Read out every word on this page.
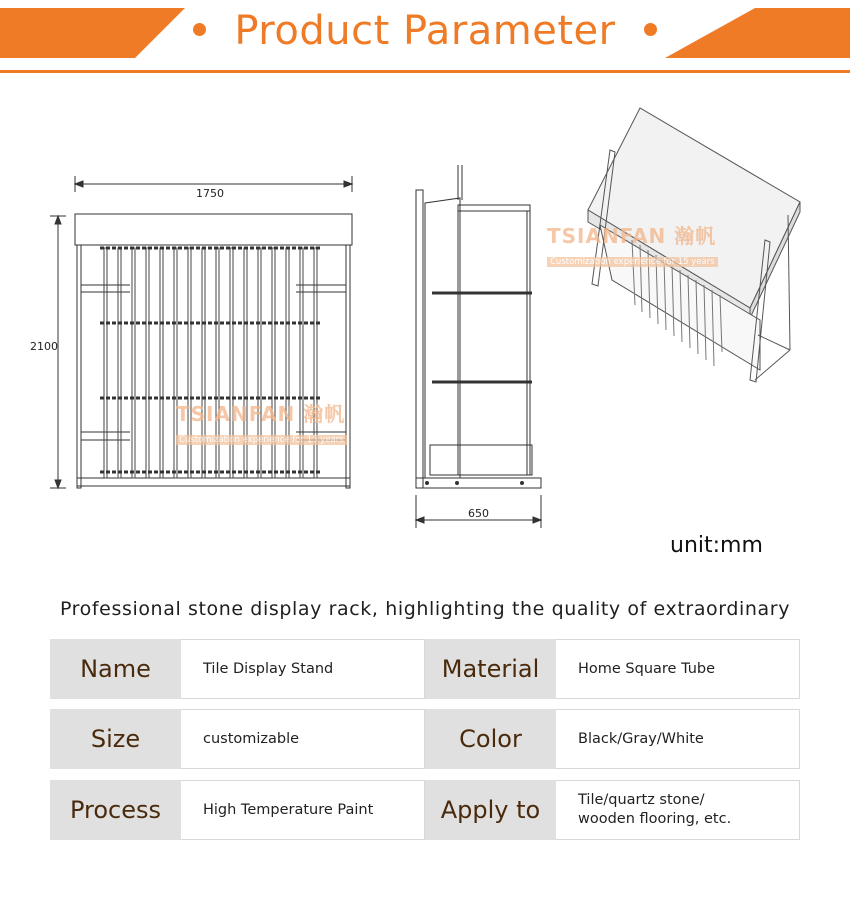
Product Parameter
1750
2100
650
TSIANFAN 瀚帆
Customization experience for 15 years
TSIANFAN 瀚帆
Customization experience for 15 years
unit:mm
Professional stone display rack, highlighting the quality of extraordinary
Name	Tile Display Stand	Material	Home Square Tube
Size	customizable	Color	Black/Gray/White
Process	High Temperature Paint	Apply to	Tile/quartz stone/
wooden flooring, etc.
